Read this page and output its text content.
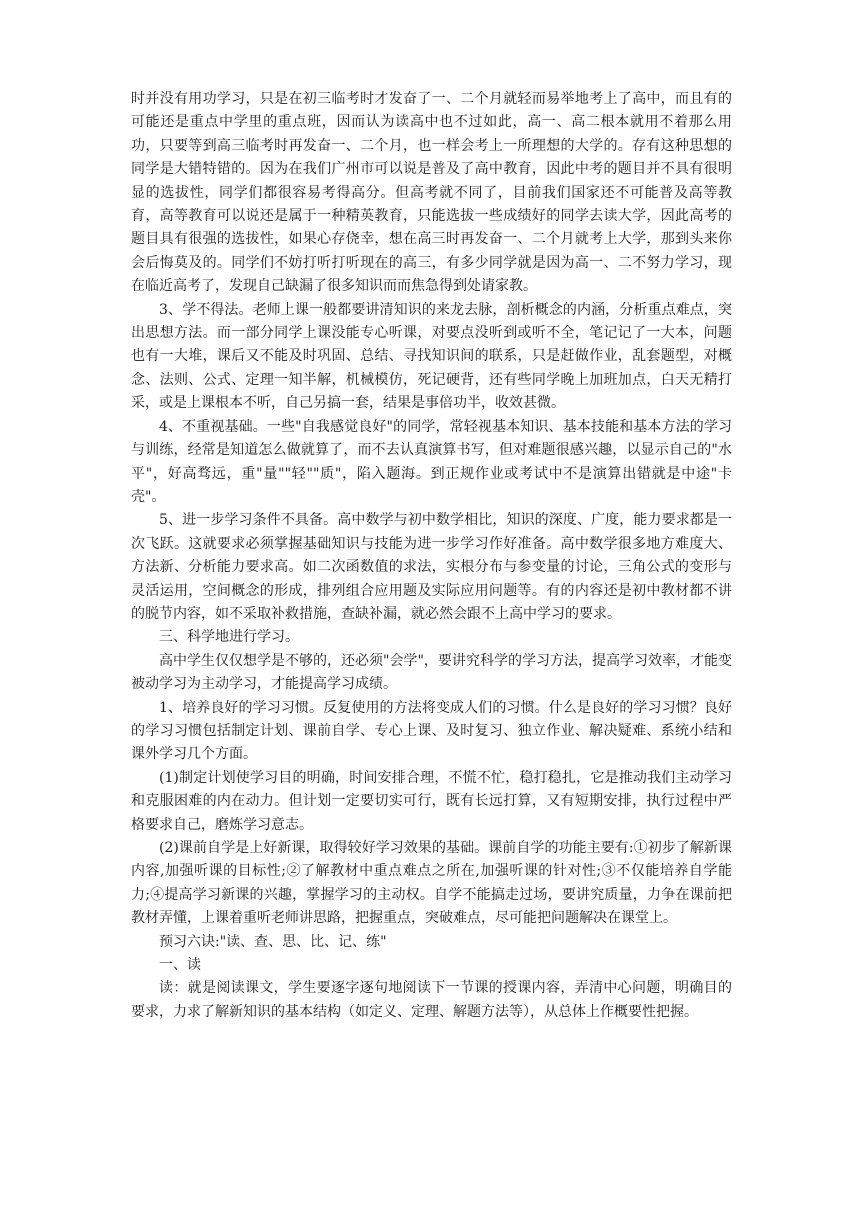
时并没有用功学习，只是在初三临考时才发奋了一、二个月就轻而易举地考上了高中，而且有的可能还是重点中学里的重点班，因而认为读高中也不过如此，高一、高二根本就用不着那么用功，只要等到高三临考时再发奋一、二个月，也一样会考上一所理想的大学的。存有这种思想的同学是大错特错的。因为在我们广州市可以说是普及了高中教育，因此中考的题目并不具有很明显的选拔性，同学们都很容易考得高分。但高考就不同了，目前我们国家还不可能普及高等教育，高等教育可以说还是属于一种精英教育，只能选拔一些成绩好的同学去读大学，因此高考的题目具有很强的选拔性，如果心存侥幸，想在高三时再发奋一、二个月就考上大学，那到头来你会后悔莫及的。同学们不妨打听打听现在的高三，有多少同学就是因为高一、二不努力学习，现在临近高考了，发现自己缺漏了很多知识而而焦急得到处请家教。

3、学不得法。老师上课一般都要讲清知识的来龙去脉，剖析概念的内涵，分析重点难点，突出思想方法。而一部分同学上课没能专心听课，对要点没听到或听不全，笔记记了一大本，问题也有一大堆，课后又不能及时巩固、总结、寻找知识间的联系，只是赶做作业，乱套题型，对概念、法则、公式、定理一知半解，机械模仿，死记硬背，还有些同学晚上加班加点，白天无精打采，或是上课根本不听，自己另搞一套，结果是事倍功半，收效甚微。

4、不重视基础。一些"自我感觉良好"的同学，常轻视基本知识、基本技能和基本方法的学习与训练，经常是知道怎么做就算了，而不去认真演算书写，但对难题很感兴趣，以显示自己的"水平"，好高骛远，重"量""轻""质"，陷入题海。到正规作业或考试中不是演算出错就是中途"卡壳"。

5、进一步学习条件不具备。高中数学与初中数学相比，知识的深度、广度，能力要求都是一次飞跃。这就要求必须掌握基础知识与技能为进一步学习作好准备。高中数学很多地方难度大、方法新、分析能力要求高。如二次函数值的求法，实根分布与参变量的讨论，三角公式的变形与灵活运用，空间概念的形成，排列组合应用题及实际应用问题等。有的内容还是初中教材都不讲的脱节内容，如不采取补救措施，查缺补漏，就必然会跟不上高中学习的要求。

三、科学地进行学习。

高中学生仅仅想学是不够的，还必须"会学"，要讲究科学的学习方法，提高学习效率，才能变被动学习为主动学习，才能提高学习成绩。

1、培养良好的学习习惯。反复使用的方法将变成人们的习惯。什么是良好的学习习惯？良好的学习习惯包括制定计划、课前自学、专心上课、及时复习、独立作业、解决疑难、系统小结和课外学习几个方面。

(1)制定计划使学习目的明确，时间安排合理，不慌不忙，稳打稳扎，它是推动我们主动学习和克服困难的内在动力。但计划一定要切实可行，既有长远打算，又有短期安排，执行过程中严格要求自己，磨炼学习意志。

(2)课前自学是上好新课，取得较好学习效果的基础。课前自学的功能主要有:①初步了解新课内容,加强听课的目标性;②了解教材中重点难点之所在,加强听课的针对性;③不仅能培养自学能力;④提高学习新课的兴趣，掌握学习的主动权。自学不能搞走过场，要讲究质量，力争在课前把教材弄懂，上课着重听老师讲思路，把握重点，突破难点，尽可能把问题解决在课堂上。

预习六诀:"读、查、思、比、记、练"

一、读

读：就是阅读课文，学生要逐字逐句地阅读下一节课的授课内容，弄清中心问题，明确目的要求，力求了解新知识的基本结构（如定义、定理、解题方法等），从总体上作概要性把握。
